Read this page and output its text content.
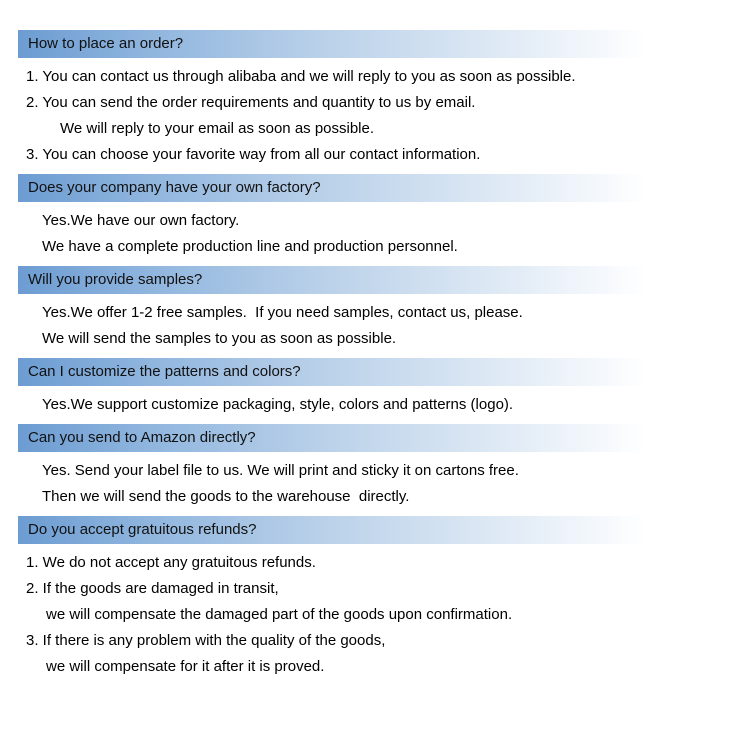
How to place an order?
1. You can contact us through alibaba and we will reply to you as soon as possible.
2. You can send the order requirements and quantity to us by email.
We will reply to your email as soon as possible.
3. You can choose your favorite way from all our contact information.
Does your company have your own factory?
Yes.We have our own factory.
We have a complete production line and production personnel.
Will you provide samples?
Yes.We offer 1-2 free samples.  If you need samples, contact us, please.
We will send the samples to you as soon as possible.
Can I customize the patterns and colors?
Yes.We support customize packaging, style, colors and patterns (logo).
Can you send to Amazon directly?
Yes. Send your label file to us. We will print and sticky it on cartons free.
Then we will send the goods to the warehouse  directly.
Do you accept gratuitous refunds?
1. We do not accept any gratuitous refunds.
2. If the goods are damaged in transit,
we will compensate the damaged part of the goods upon confirmation.
3. If there is any problem with the quality of the goods,
we will compensate for it after it is proved.
